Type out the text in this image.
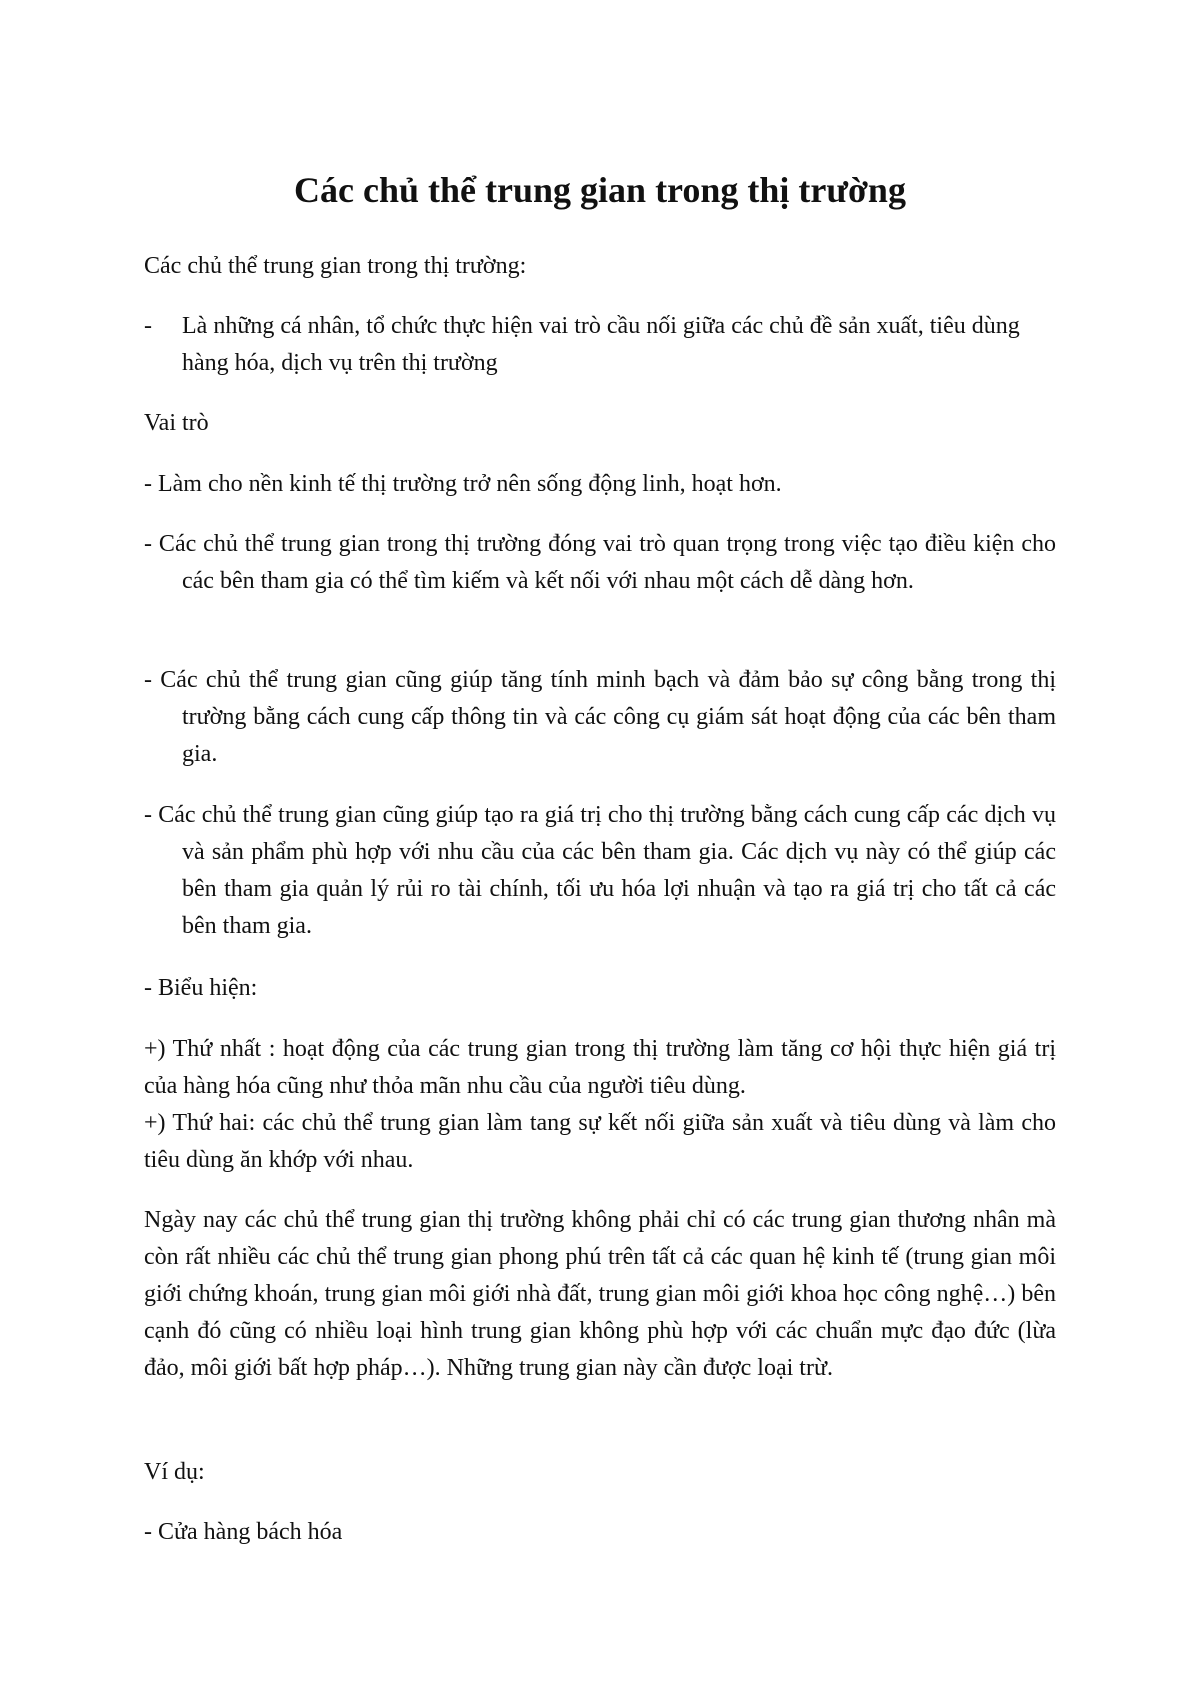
Các chủ thể trung gian trong thị trường

Các chủ thể trung gian trong thị trường:

- Là những cá nhân, tổ chức thực hiện vai trò cầu nối giữa các chủ đề sản xuất, tiêu dùng hàng hóa, dịch vụ trên thị trường

Vai trò

- Làm cho nền kinh tế thị trường trở nên sống động linh, hoạt hơn.

- Các chủ thể trung gian trong thị trường đóng vai trò quan trọng trong việc tạo điều kiện cho các bên tham gia có thể tìm kiếm và kết nối với nhau một cách dễ dàng hơn.

- Các chủ thể trung gian cũng giúp tăng tính minh bạch và đảm bảo sự công bằng trong thị trường bằng cách cung cấp thông tin và các công cụ giám sát hoạt động của các bên tham gia.

- Các chủ thể trung gian cũng giúp tạo ra giá trị cho thị trường bằng cách cung cấp các dịch vụ và sản phẩm phù hợp với nhu cầu của các bên tham gia. Các dịch vụ này có thể giúp các bên tham gia quản lý rủi ro tài chính, tối ưu hóa lợi nhuận và tạo ra giá trị cho tất cả các bên tham gia.

- Biểu hiện:

+) Thứ nhất : hoạt động của các trung gian trong thị trường làm tăng cơ hội thực hiện giá trị của hàng hóa cũng như thỏa mãn nhu cầu của người tiêu dùng.

+) Thứ hai: các chủ thể trung gian làm tang sự kết nối giữa sản xuất và tiêu dùng và làm cho tiêu dùng ăn khớp với nhau.

Ngày nay các chủ thể trung gian thị trường không phải chỉ có các trung gian thương nhân mà còn rất nhiều các chủ thể trung gian phong phú trên tất cả các quan hệ kinh tế (trung gian môi giới chứng khoán, trung gian môi giới nhà đất, trung gian môi giới khoa học công nghệ…) bên cạnh đó cũng có nhiều loại hình trung gian không phù hợp với các chuẩn mực đạo đức (lừa đảo, môi giới bất hợp pháp…). Những trung gian này cần được loại trừ.

Ví dụ:

- Cửa hàng bách hóa
